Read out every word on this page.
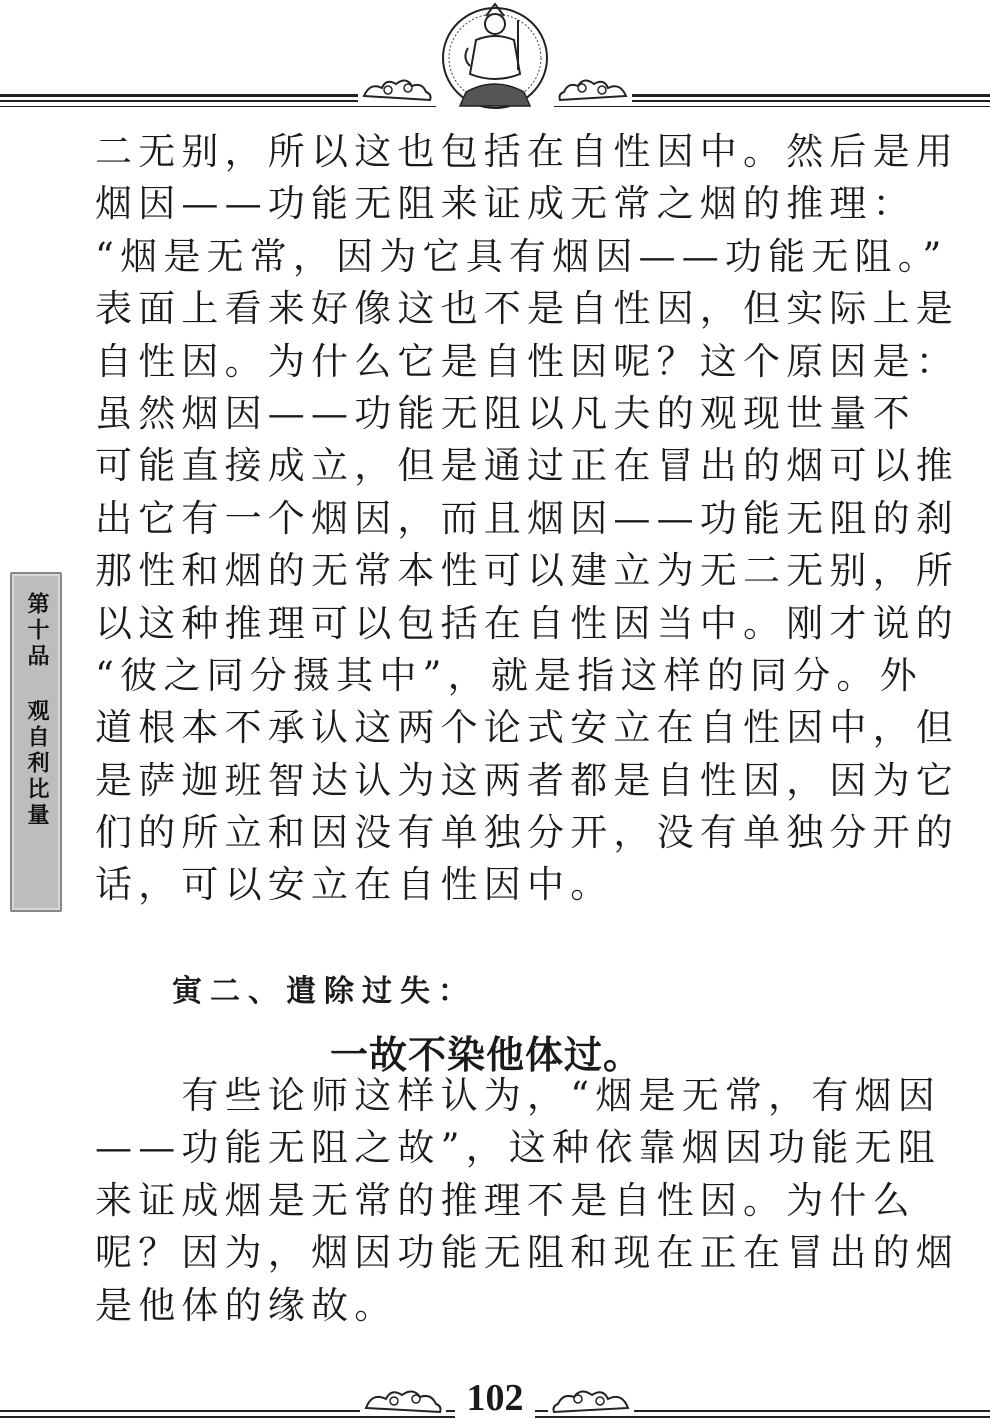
第十品 观自利比量
二无别，所以这也包括在自性因中。然后是用
烟因——功能无阻来证成无常之烟的推理：
“烟是无常，因为它具有烟因——功能无阻。”
表面上看来好像这也不是自性因，但实际上是
自性因。为什么它是自性因呢？这个原因是：
虽然烟因——功能无阻以凡夫的观现世量不
可能直接成立，但是通过正在冒出的烟可以推
出它有一个烟因，而且烟因——功能无阻的刹
那性和烟的无常本性可以建立为无二无别，所
以这种推理可以包括在自性因当中。刚才说的
“彼之同分摄其中”，就是指这样的同分。外
道根本不承认这两个论式安立在自性因中，但
是萨迦班智达认为这两者都是自性因，因为它
们的所立和因没有单独分开，没有单独分开的
话，可以安立在自性因中。
寅二、遣除过失：
一故不染他体过。
　　有些论师这样认为，“烟是无常，有烟因
——功能无阻之故”，这种依靠烟因功能无阻
来证成烟是无常的推理不是自性因。为什么
呢？因为，烟因功能无阻和现在正在冒出的烟
是他体的缘故。
102
